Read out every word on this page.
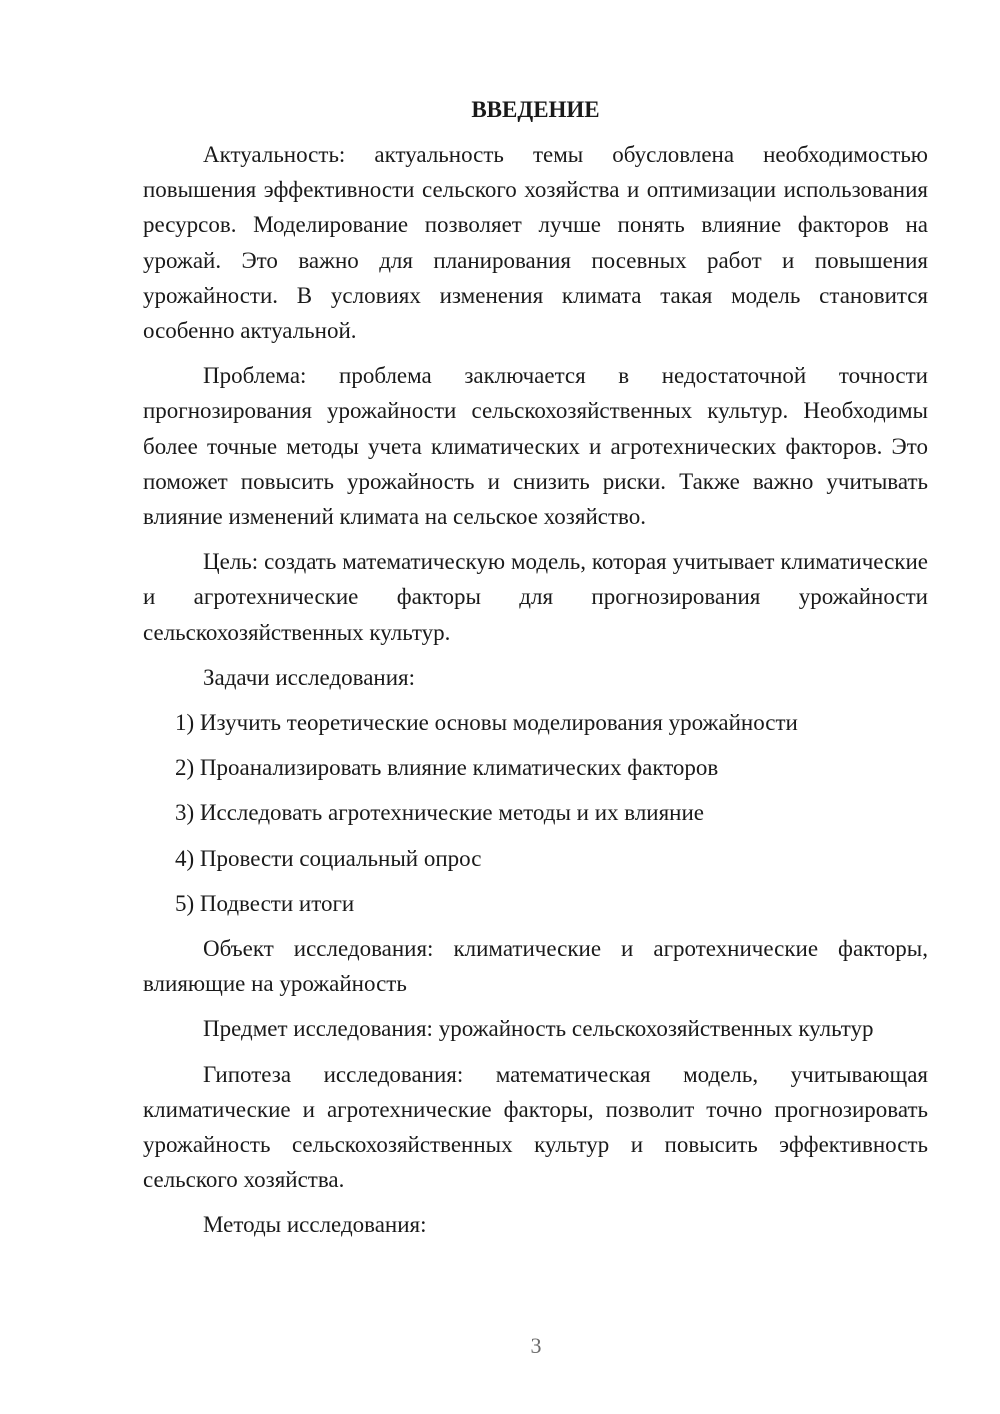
ВВЕДЕНИЕ

Актуальность: актуальность темы обусловлена необходимостью повышения эффективности сельского хозяйства и оптимизации использования ресурсов. Моделирование позволяет лучше понять влияние факторов на урожай. Это важно для планирования посевных работ и повышения урожайности. В условиях изменения климата такая модель становится особенно актуальной.

Проблема: проблема заключается в недостаточной точности прогнозирования урожайности сельскохозяйственных культур. Необходимы более точные методы учета климатических и агротехнических факторов. Это поможет повысить урожайность и снизить риски. Также важно учитывать влияние изменений климата на сельское хозяйство.

Цель: создать математическую модель, которая учитывает климатические и агротехнические факторы для прогнозирования урожайности сельскохозяйственных культур.

Задачи исследования:

1) Изучить теоретические основы моделирования урожайности

2) Проанализировать влияние климатических факторов

3) Исследовать агротехнические методы и их влияние

4) Провести социальный опрос

5) Подвести итоги

Объект исследования: климатические и агротехнические факторы, влияющие на урожайность

Предмет исследования: урожайность сельскохозяйственных культур

Гипотеза исследования: математическая модель, учитывающая климатические и агротехнические факторы, позволит точно прогнозировать урожайность сельскохозяйственных культур и повысить эффективность сельского хозяйства.

Методы исследования:

3
